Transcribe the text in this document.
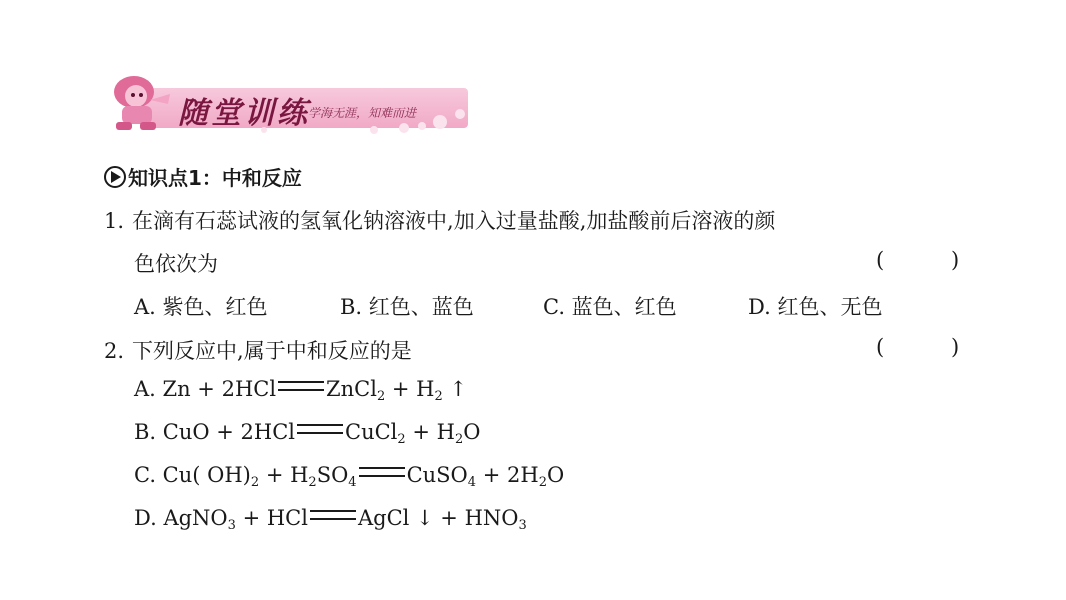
随堂训练
学海无涯，知难而进
知识点1：中和反应
1. 在滴有石蕊试液的氢氧化钠溶液中,加入过量盐酸,加盐酸前后溶液的颜
色依次为	(          )
A. 紫色、红色	B. 红色、蓝色	C. 蓝色、红色	D. 红色、无色
2. 下列反应中,属于中和反应的是	(          )
A. Zn + 2HCl ZnCl$_2$ + $H_2$ ↑
B. CuO + 2HCl CuCl$_2$ + $H_2O$
C. Cu( $OH)_2 + H_2SO_4$ CuSO$_4$ + $2H_2O$
D. AgNO$_3$ + HCl AgCl ↓ + $HNO_3$
